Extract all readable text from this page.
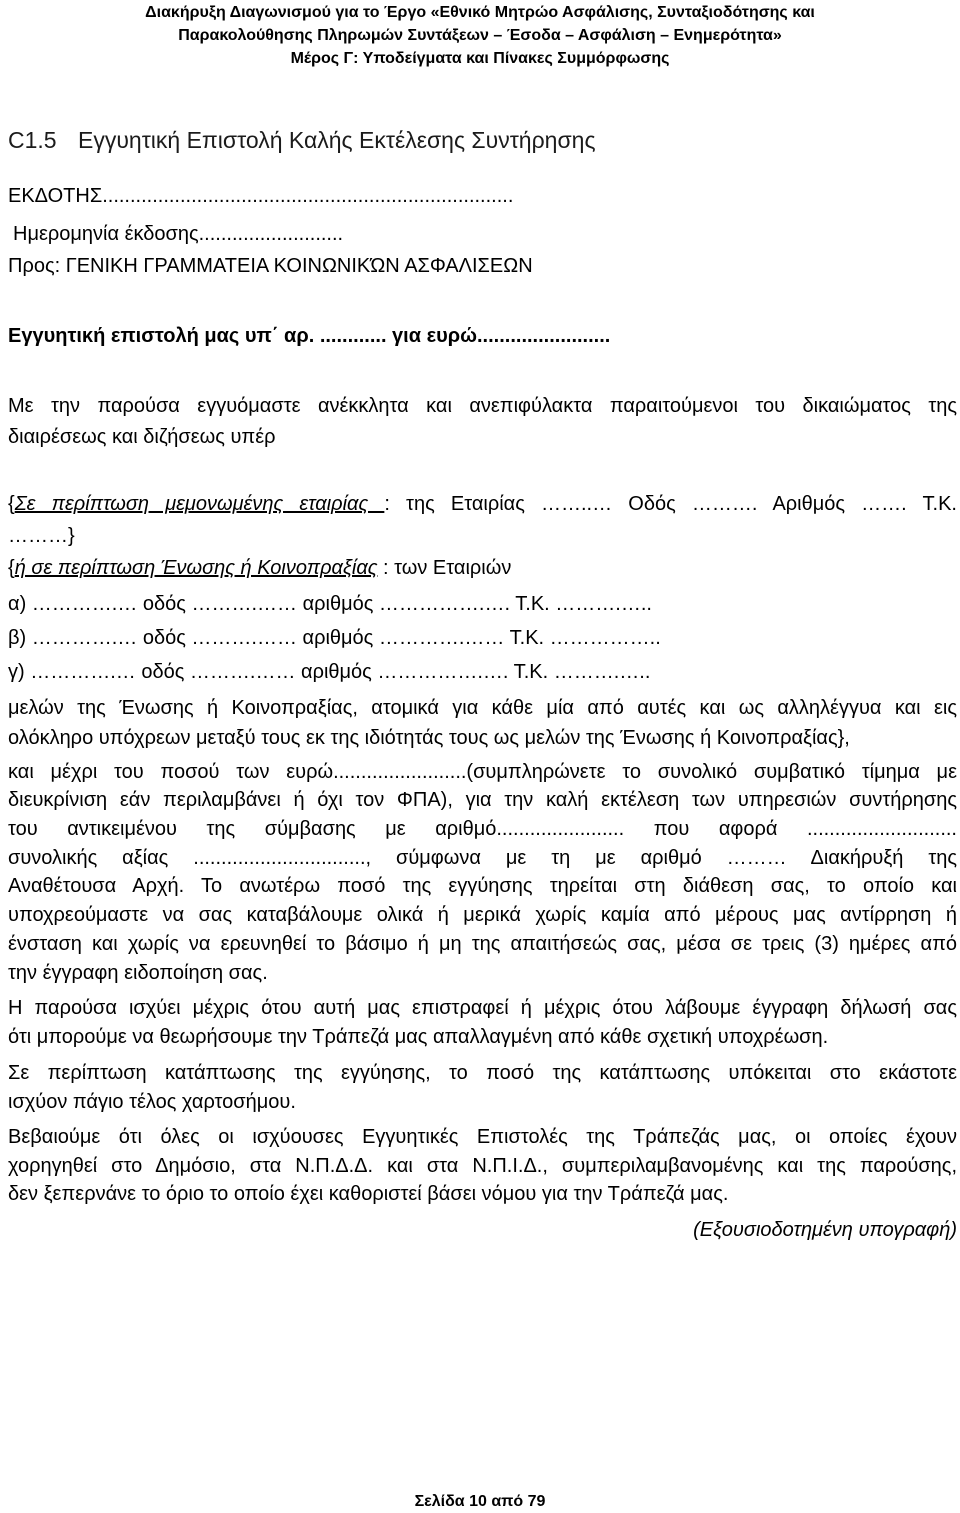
Διακήρυξη Διαγωνισμού για το Έργο «Εθνικό Μητρώο Ασφάλισης, Συνταξιοδότησης και
Παρακολούθησης Πληρωμών Συντάξεων – Έσοδα – Ασφάλιση – Ενημερότητα»
Μέρος Γ: Υποδείγματα και Πίνακες Συμμόρφωσης
C1.5 Εγγυητική Επιστολή Καλής Εκτέλεσης Συντήρησης
ΕΚΔΟΤΗΣ..........................................................................
Ημερομηνία έκδοσης..........................
Προς: ΓΕΝΙΚΗ ΓΡΑΜΜΑΤΕΙΑ ΚΟΙΝΩΝΙΚΏΝ ΑΣΦΑΛΙΣΕΩΝ
Εγγυητική επιστολή μας υπ΄ αρ. ............ για ευρώ........................
Με την παρούσα εγγυόμαστε ανέκκλητα και ανεπιφύλακτα παραιτούμενοι του δικαιώματος της
διαιρέσεως και διζήσεως υπέρ
{Σε περίπτωση μεμονωμένης εταιρίας : της Εταιρίας ……..… Οδός ………. Αριθμός ……. Τ.Κ.
………}
{ή σε περίπτωση Ένωσης ή Κοινοπραξίας : των Εταιριών
α) ………….… οδός ……….…… αριθμός …………….…. Τ.Κ. ……….…..
β) ………….… οδός ……….…… αριθμός ………….…… Τ.Κ. ……………..
γ) ………….… οδός ……….…… αριθμός …………….…. Τ.Κ. ……….…..
μελών της Ένωσης ή Κοινοπραξίας, ατομικά για κάθε μία από αυτές και ως αλληλέγγυα και εις
ολόκληρο υπόχρεων μεταξύ τους εκ της ιδιότητάς τους ως μελών της Ένωσης ή Κοινοπραξίας},
και μέχρι του ποσού των ευρώ........................(συμπληρώνετε το συνολικό συμβατικό τίμημα με
διευκρίνιση εάν περιλαμβάνει ή όχι τον ΦΠΑ), για την καλή εκτέλεση των υπηρεσιών συντήρησης
του αντικειμένου της σύμβασης με αριθμό....................... που αφορά ...........................
συνολικής αξίας ..............................., σύμφωνα με τη με αριθμό ……… Διακήρυξή της
Αναθέτουσα Αρχή. Το ανωτέρω ποσό της εγγύησης τηρείται στη διάθεση σας, το οποίο και
υποχρεούμαστε να σας καταβάλουμε ολικά ή μερικά χωρίς καμία από μέρους μας αντίρρηση ή
ένσταση και χωρίς να ερευνηθεί το βάσιμο ή μη της απαιτήσεώς σας, μέσα σε τρεις (3) ημέρες από
την έγγραφη ειδοποίηση σας.
Η παρούσα ισχύει μέχρις ότου αυτή μας επιστραφεί ή μέχρις ότου λάβουμε έγγραφη δήλωσή σας
ότι μπορούμε να θεωρήσουμε την Τράπεζά μας απαλλαγμένη από κάθε σχετική υποχρέωση.
Σε περίπτωση κατάπτωσης της εγγύησης, το ποσό της κατάπτωσης υπόκειται στο εκάστοτε
ισχύον πάγιο τέλος χαρτοσήμου.
Βεβαιούμε ότι όλες οι ισχύουσες Εγγυητικές Επιστολές της Τράπεζάς μας, οι οποίες έχουν
χορηγηθεί στο Δημόσιο, στα Ν.Π.Δ.Δ. και στα Ν.Π.Ι.Δ., συμπεριλαμβανομένης και της παρούσης,
δεν ξεπερνάνε το όριο το οποίο έχει καθοριστεί βάσει νόμου για την Τράπεζά μας.
(Εξουσιοδοτημένη υπογραφή)
Σελίδα 10 από 79
